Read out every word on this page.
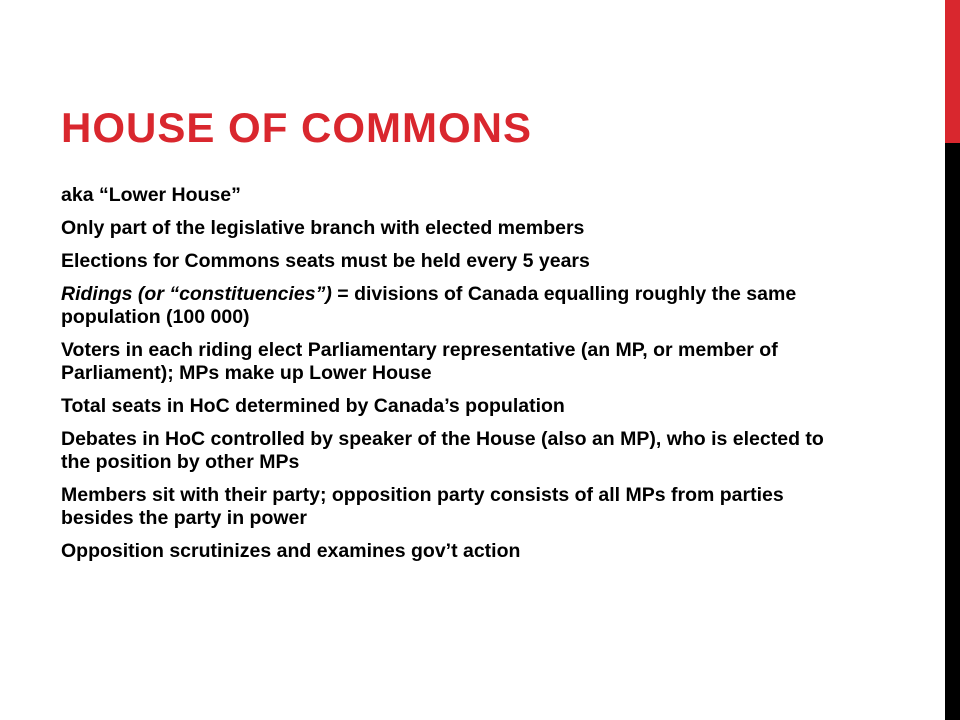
HOUSE OF COMMONS
aka “Lower House”
Only part of the legislative branch with elected members
Elections for Commons seats must be held every 5 years
Ridings (or “constituencies”) = divisions of Canada equalling roughly the same population (100 000)
Voters in each riding elect Parliamentary representative (an MP, or member of Parliament); MPs make up Lower House
Total seats in HoC determined by Canada’s population
Debates in HoC controlled by speaker of the House (also an MP), who is elected to the position by other MPs
Members sit with their party; opposition party consists of all MPs from parties besides the party in power
Opposition scrutinizes and examines gov’t action
